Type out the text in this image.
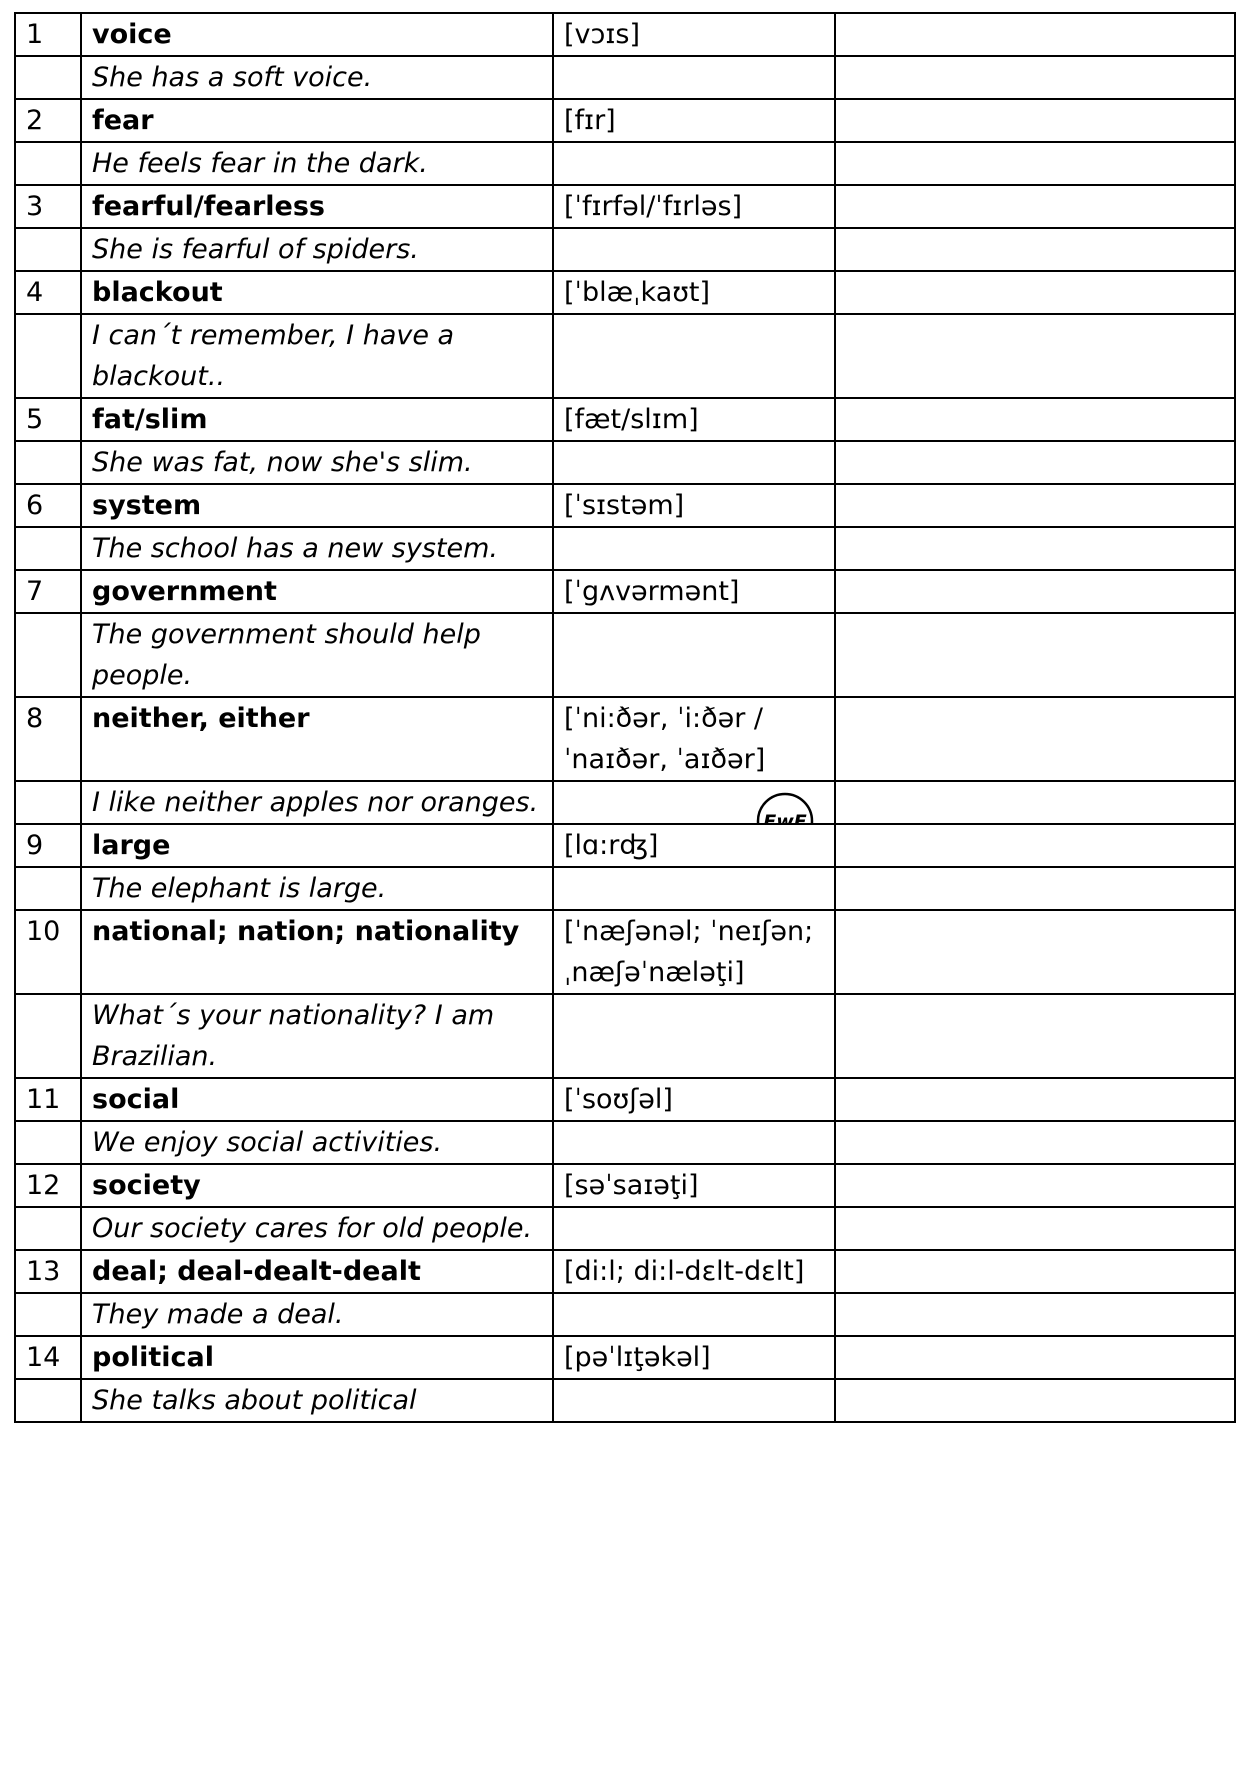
1	voice	[vɔɪs]	
	She has a soft voice.		
2	fear	[fɪr]	
	He feels fear in the dark.		
3	fearful/fearless	[ˈfɪrfəl/ˈfɪrləs]	
	She is fearful of spiders.		
4	blackout	[ˈblæˌkaʊt]	
	I can´t remember, I have a blackout..		
5	fat/slim	[fæt/slɪm]	
	She was fat, now she's slim.		
6	system	[ˈsɪstəm]	
	The school has a new system.		
7	government	[ˈgʌvərmənt]	
	The government should help people.		
8	neither, either	[ˈni:ðər, ˈi:ðər / ˈnaɪðər, ˈaɪðər]	
	I like neither apples nor oranges.	EwE	

9	large	[lɑ:rʤ]	
	The elephant is large.		
10	national; nation; nationality	[ˈnæʃənəl; ˈneɪʃən; ˌnæʃəˈnæləţi]	
	What´s your nationality? I am Brazilian.		
11	social	[ˈsoʊʃəl]	
	We enjoy social activities.		
12	society	[səˈsaɪəţi]	
	Our society cares for old people.		
13	deal; deal-dealt-dealt	[di:l; di:l-dɛlt-dɛlt]	
	They made a deal.		
14	political	[pəˈlɪţəkəl]	
	She talks about political		
